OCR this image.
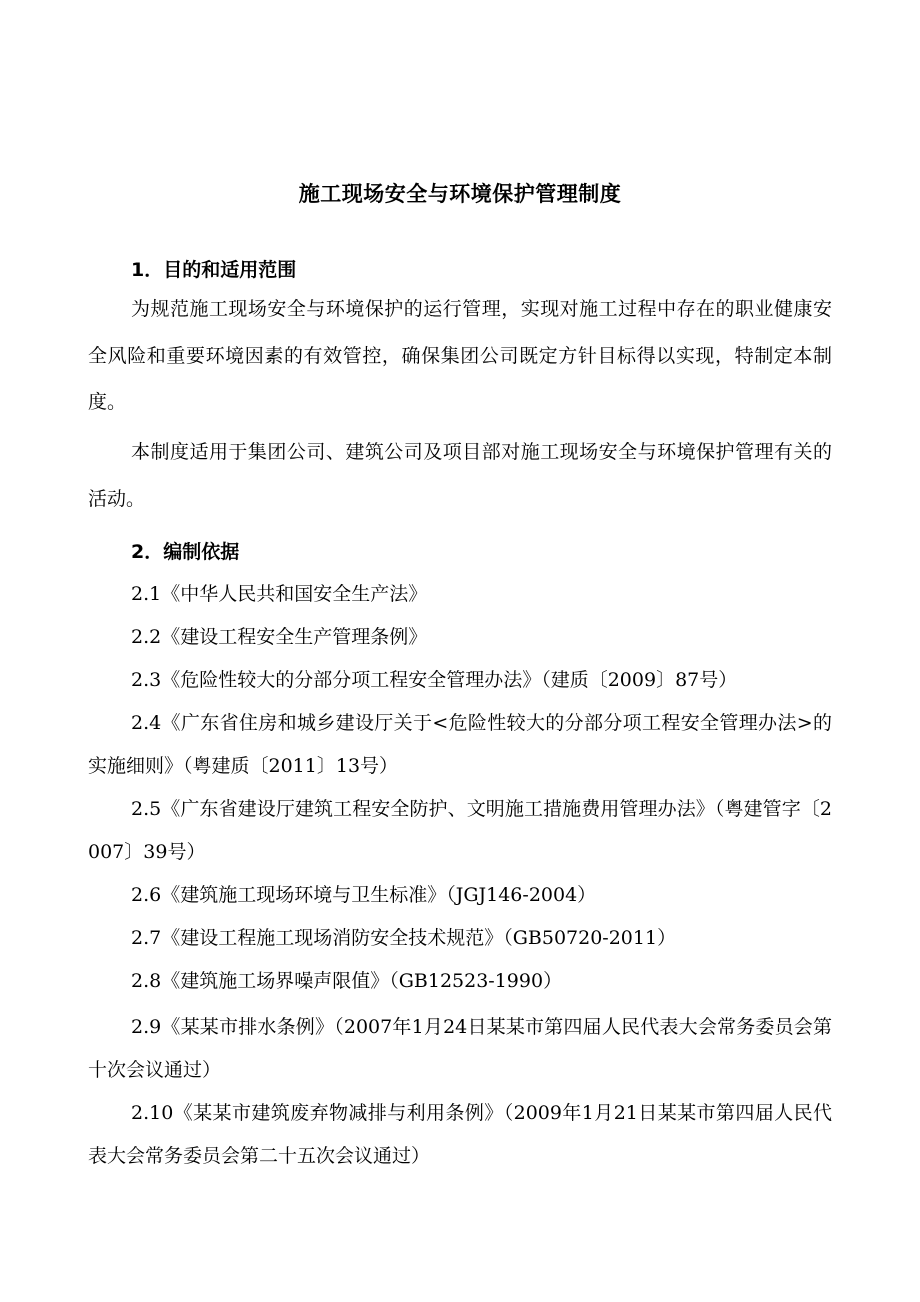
施工现场安全与环境保护管理制度
1．目的和适用范围
为规范施工现场安全与环境保护的运行管理，实现对施工过程中存在的职业健康安全风险和重要环境因素的有效管控，确保集团公司既定方针目标得以实现，特制定本制度。
本制度适用于集团公司、建筑公司及项目部对施工现场安全与环境保护管理有关的活动。
2．编制依据
2.1《中华人民共和国安全生产法》
2.2《建设工程安全生产管理条例》
2.3《危险性较大的分部分项工程安全管理办法》（建质〔2009〕87号）
2.4《广东省住房和城乡建设厅关于<危险性较大的分部分项工程安全管理办法>的实施细则》（粤建质〔2011〕13号）
2.5《广东省建设厅建筑工程安全防护、文明施工措施费用管理办法》（粤建管字〔2007〕39号）
2.6《建筑施工现场环境与卫生标准》（JGJ146-2004）
2.7《建设工程施工现场消防安全技术规范》（GB50720-2011）
2.8《建筑施工场界噪声限值》（GB12523-1990）
2.9《某某市排水条例》（2007年1月24日某某市第四届人民代表大会常务委员会第十次会议通过）
2.10《某某市建筑废弃物减排与利用条例》（2009年1月21日某某市第四届人民代表大会常务委员会第二十五次会议通过）
